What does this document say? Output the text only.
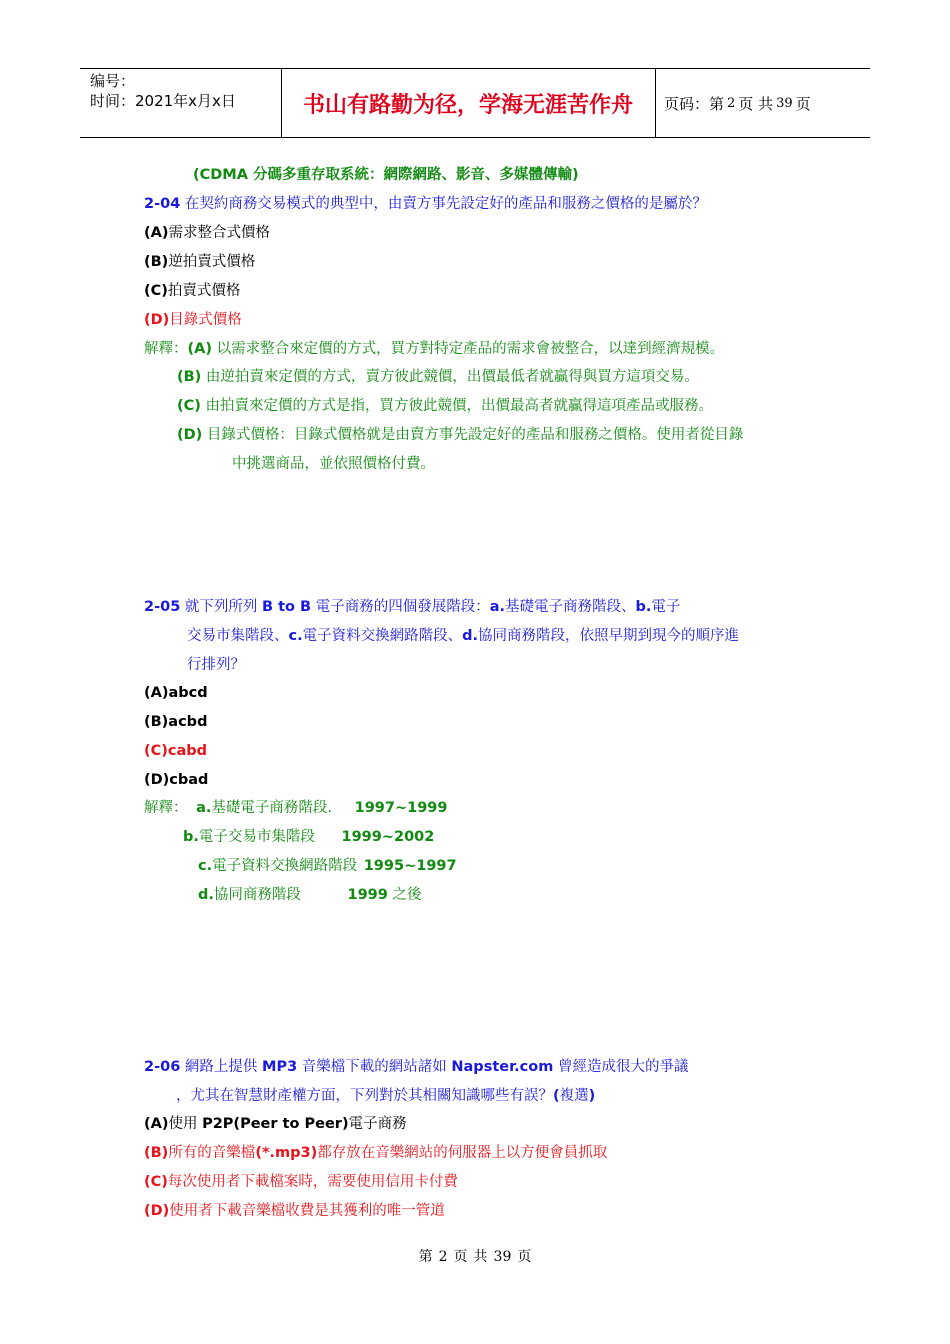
编号：
时间：2021年x月x日	书山有路勤为径，学海无涯苦作舟	页码：第 2 页 共 39 页
(CDMA 分碼多重存取系統：網際網路、影音、多媒體傳輸)
2-04 在契約商務交易模式的典型中，由賣方事先設定好的產品和服務之價格的是屬於？
(A)需求整合式價格
(B)逆拍賣式價格
(C)拍賣式價格
(D)目錄式價格
解釋：(A) 以需求整合來定價的方式，買方對特定產品的需求會被整合，以達到經濟規模。
(B) 由逆拍賣來定價的方式，賣方彼此競價，出價最低者就贏得與買方這項交易。
(C) 由拍賣來定價的方式是指，買方彼此競價，出價最高者就贏得這項產品或服務。
(D) 目錄式價格：目錄式價格就是由賣方事先設定好的產品和服務之價格。使用者從目錄
中挑選商品，並依照價格付費。
2-05 就下列所列 B to B 電子商務的四個發展階段：a.基礎電子商務階段、b.電子
交易市集階段、c.電子資料交換網路階段、d.協同商務階段，依照早期到現今的順序進
行排列？
(A)abcd
(B)acbd
(C)cabd
(D)cbad
解釋： a.基礎電子商務階段. 1997~1999
b.電子交易市集階段 1999~2002
c.電子資料交換網路階段 1995~1997
d.協同商務階段	1999 之後
2-06 網路上提供 MP3 音樂檔下載的網站諸如 Napster.com 曾經造成很大的爭議
，尤其在智慧財產權方面，下列對於其相關知識哪些有誤？(複選)
(A)使用 P2P(Peer to Peer)電子商務
(B)所有的音樂檔(*.mp3)都存放在音樂網站的伺服器上以方便會員抓取
(C)每次使用者下載檔案時，需要使用信用卡付費
(D)使用者下載音樂檔收費是其獲利的唯一管道
第 2 页 共 39 页
